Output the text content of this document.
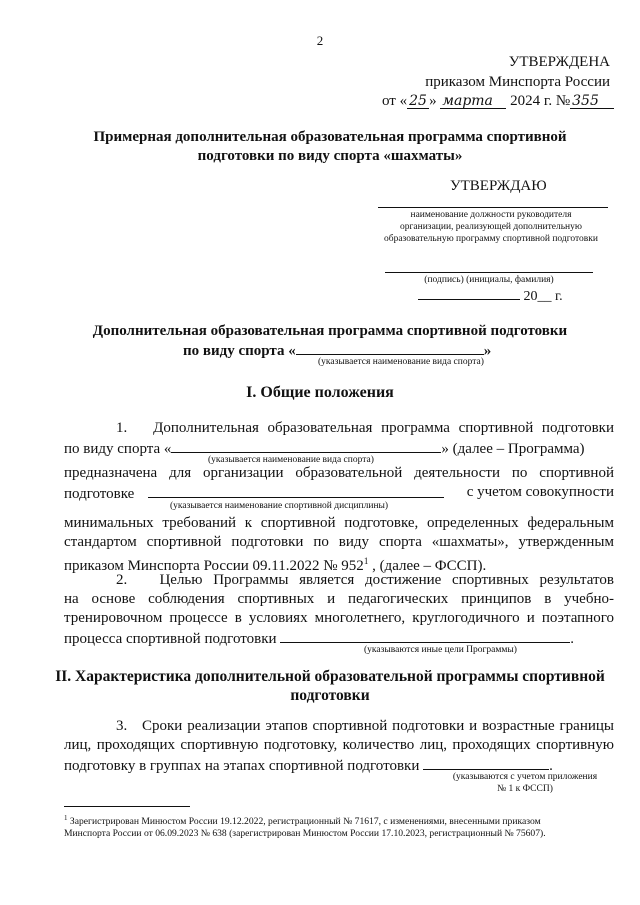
2
УТВЕРЖДЕНА
приказом Минспорта России
от « 25 » марта 2024 г. № 355
Примерная дополнительная образовательная программа спортивной
подготовки по виду спорта «шахматы»
УТВЕРЖДАЮ
наименование должности руководителя
организации, реализующей дополнительную
образовательную программу спортивной подготовки
(подпись) (инициалы, фамилия)
20__ г.
Дополнительная образовательная программа спортивной подготовки
по виду спорта «	»
(указывается наименование вида спорта)
I. Общие положения
1.   Дополнительная образовательная программа спортивной подготовки
по виду спорта «	» (далее – Программа)
(указывается наименование вида спорта)
предназначена для организации образовательной деятельности по спортивной
подготовке	с учетом совокупности
(указывается наименование спортивной дисциплины)
минимальных требований к спортивной подготовке, определенных федеральным
стандартом спортивной подготовки по виду спорта «шахматы», утвержденным
приказом Минспорта России 09.11.2022 № $952^1$ , (далее – ФССП).
2.   Целью Программы является достижение спортивных результатов
на основе соблюдения спортивных и педагогических принципов в учебно-
тренировочном процессе в условиях многолетнего, круглогодичного и поэтапного
процесса спортивной подготовки	.
(указываются иные цели Программы)
II. Характеристика дополнительной образовательной программы спортивной
подготовки
3.   Сроки реализации этапов спортивной подготовки и возрастные границы
лиц, проходящих спортивную подготовку, количество лиц, проходящих спортивную
подготовку в группах на этапах спортивной подготовки	.
(указываются с учетом приложения
№ 1 к ФССП)
$^1$ Зарегистрирован Минюстом России 19.12.2022, регистрационный № 71617, с изменениями, внесенными приказом
Минспорта России от 06.09.2023 № 638 (зарегистрирован Минюстом России 17.10.2023, регистрационный № 75607).
